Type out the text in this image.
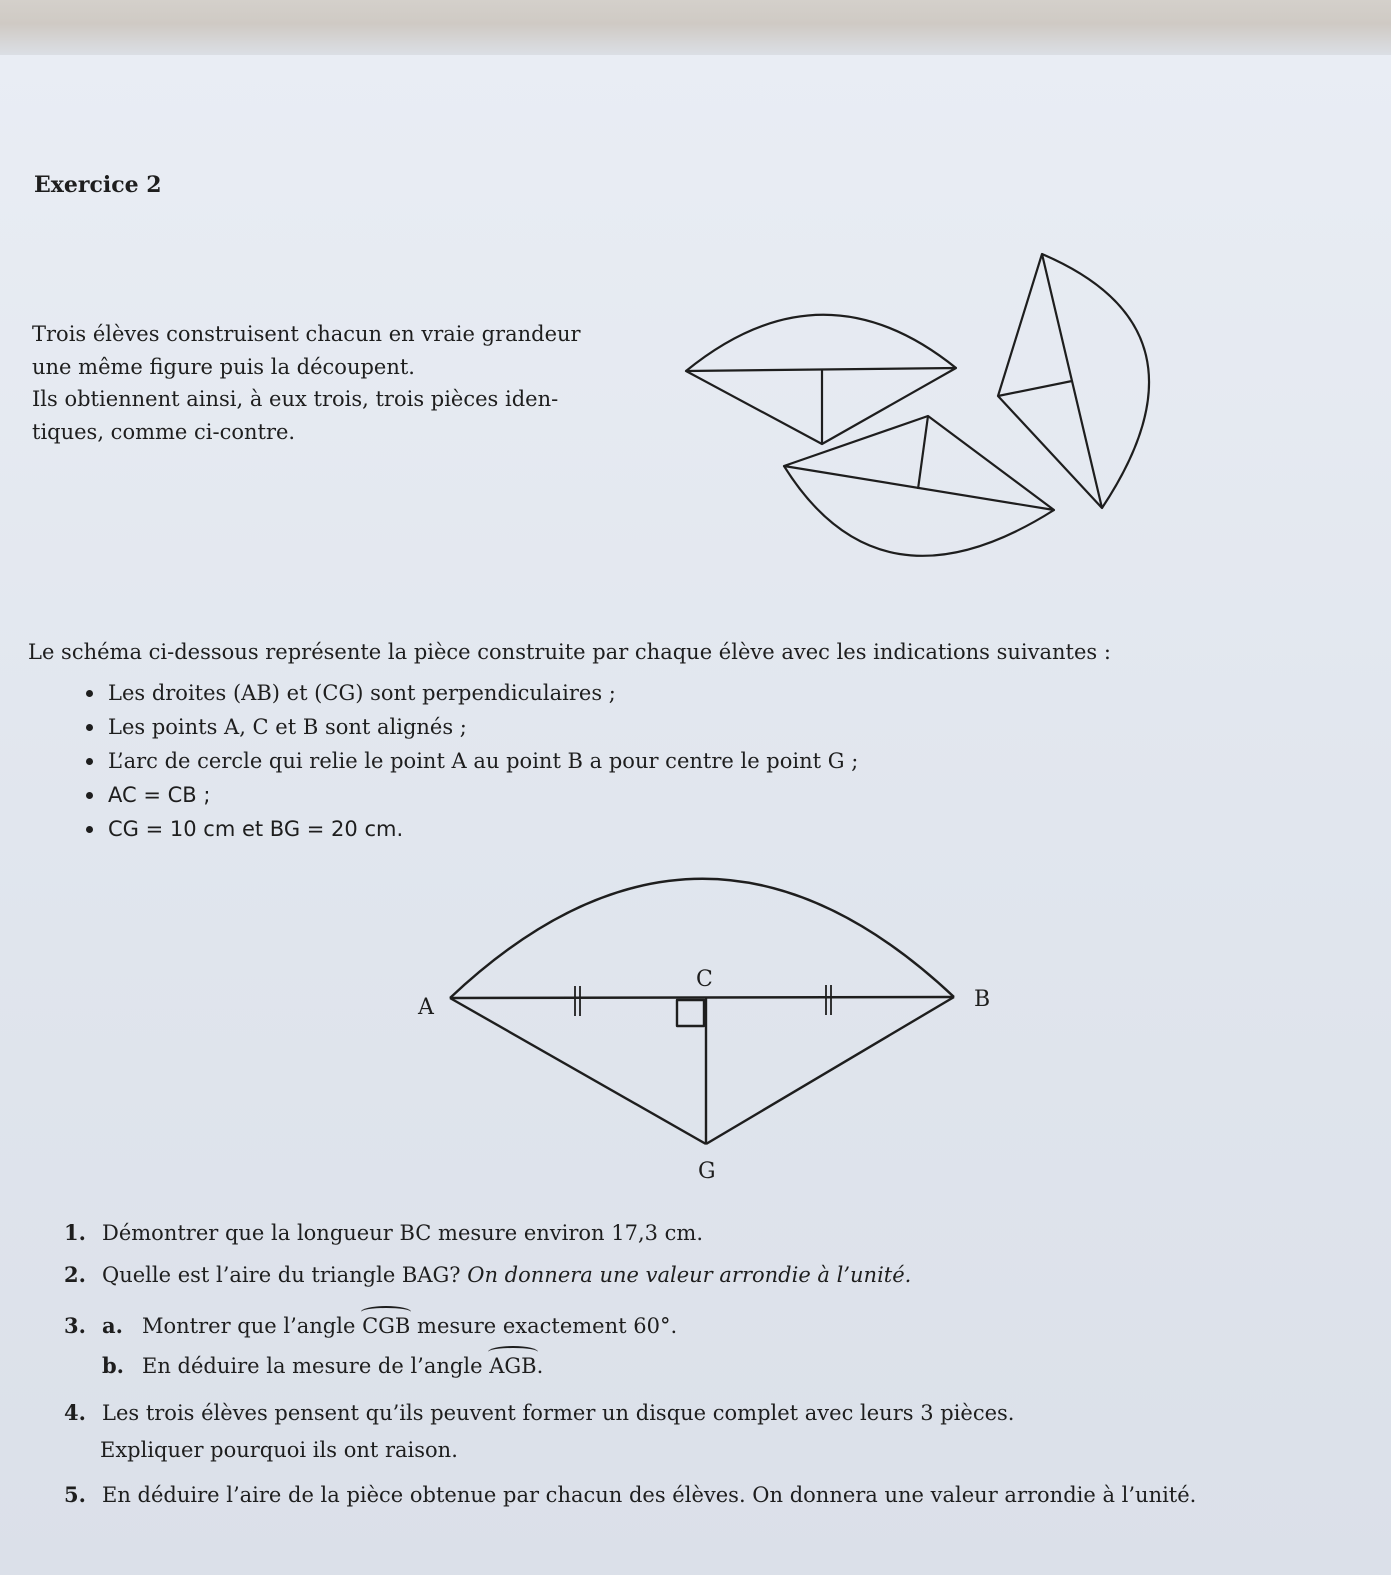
Exercice 2
Trois élèves construisent chacun en vraie grandeur
une même figure puis la découpent.
Ils obtiennent ainsi, à eux trois, trois pièces iden-
tiques, comme ci-contre.
Le schéma ci-dessous représente la pièce construite par chaque élève avec les indications suivantes :
Les droites (AB) et (CG) sont perpendiculaires ;
Les points A, C et B sont alignés ;
L’arc de cercle qui relie le point A au point B a pour centre le point G ;
AC = CB ;
CG = 10 cm et BG = 20 cm.
A
C
B
G
1. Démontrer que la longueur BC mesure environ 17,3 cm.
2. Quelle est l’aire du triangle BAG? On donnera une valeur arrondie à l’unité.
3. a. Montrer que l’angle CGB mesure exactement 60°.
b. En déduire la mesure de l’angle AGB.
4. Les trois élèves pensent qu’ils peuvent former un disque complet avec leurs 3 pièces.
Expliquer pourquoi ils ont raison.
5. En déduire l’aire de la pièce obtenue par chacun des élèves. On donnera une valeur arrondie à l’unité.
